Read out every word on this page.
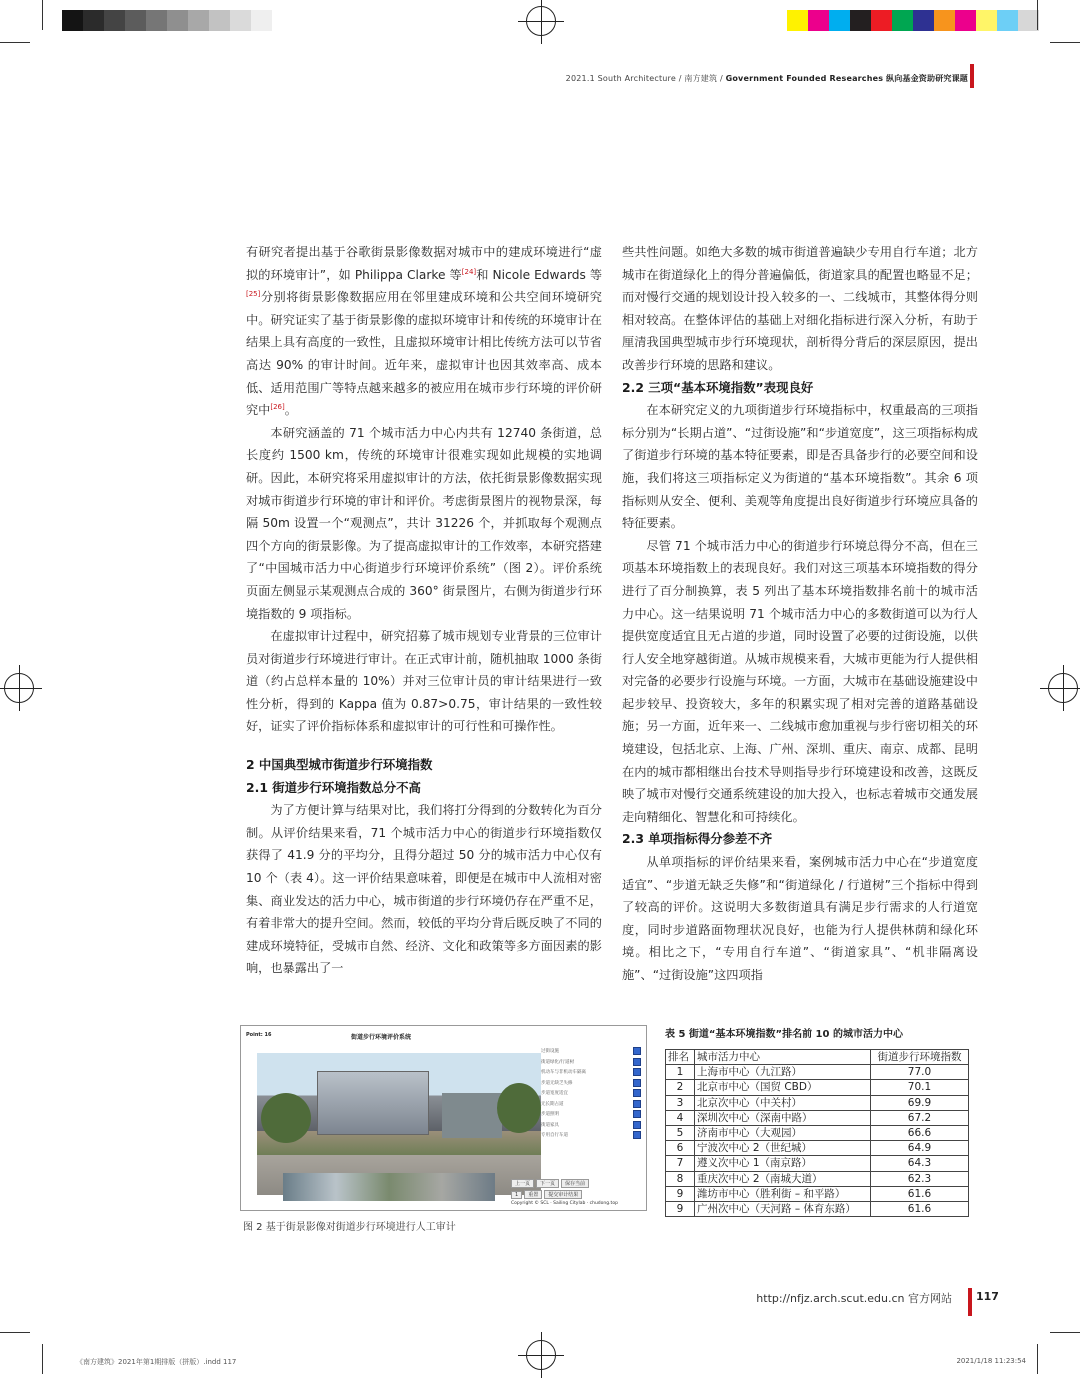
2021.1 South Architecture / 南方建筑 / Government Founded Researches 纵向基金资助研究课题

有研究者提出基于谷歌街景影像数据对城市中的建成环境进行“虚拟的环境审计”，如 Philippa Clarke 等[24]和 Nicole Edwards 等[25]分别将街景影像数据应用在邻里建成环境和公共空间环境研究中。研究证实了基于街景影像的虚拟环境审计和传统的环境审计在结果上具有高度的一致性，且虚拟环境审计相比传统方法可以节省高达 90% 的审计时间。近年来，虚拟审计也因其效率高、成本低、适用范围广等特点越来越多的被应用在城市步行环境的评价研究中[26]。

本研究涵盖的 71 个城市活力中心内共有 12740 条街道，总长度约 1500 km，传统的环境审计很难实现如此规模的实地调研。因此，本研究将采用虚拟审计的方法，依托街景影像数据实现对城市街道步行环境的审计和评价。考虑街景图片的视物景深，每隔 50m 设置一个“观测点”，共计 31226 个，并抓取每个观测点四个方向的街景影像。为了提高虚拟审计的工作效率，本研究搭建了“中国城市活力中心街道步行环境评价系统”（图 2）。评价系统页面左侧显示某观测点合成的 360° 街景图片，右侧为街道步行环境指数的 9 项指标。

在虚拟审计过程中，研究招募了城市规划专业背景的三位审计员对街道步行环境进行审计。在正式审计前，随机抽取 1000 条街道（约占总样本量的 10%）并对三位审计员的审计结果进行一致性分析，得到的 Kappa 值为 0.87>0.75，审计结果的一致性较好，证实了评价指标体系和虚拟审计的可行性和可操作性。

2 中国典型城市街道步行环境指数
2.1 街道步行环境指数总分不高

为了方便计算与结果对比，我们将打分得到的分数转化为百分制。从评价结果来看，71 个城市活力中心的街道步行环境指数仅获得了 41.9 分的平均分，且得分超过 50 分的城市活力中心仅有 10 个（表 4）。这一评价结果意味着，即便是在城市中人流相对密集、商业发达的活力中心，城市街道的步行环境仍存在严重不足，有着非常大的提升空间。然而，较低的平均分背后既反映了不同的建成环境特征，受城市自然、经济、文化和政策等多方面因素的影响，也暴露出了一

些共性问题。如绝大多数的城市街道普遍缺少专用自行车道；北方城市在街道绿化上的得分普遍偏低，街道家具的配置也略显不足；而对慢行交通的规划设计投入较多的一、二线城市，其整体得分则相对较高。在整体评估的基础上对细化指标进行深入分析，有助于厘清我国典型城市步行环境现状，剖析得分背后的深层原因，提出改善步行环境的思路和建议。

2.2 三项“基本环境指数”表现良好

在本研究定义的九项街道步行环境指标中，权重最高的三项指标分别为“长期占道”、“过街设施”和“步道宽度”，这三项指标构成了街道步行环境的基本特征要素，即是否具备步行的必要空间和设施，我们将这三项指标定义为街道的“基本环境指数”。其余 6 项指标则从安全、便利、美观等角度提出良好街道步行环境应具备的特征要素。

尽管 71 个城市活力中心的街道步行环境总得分不高，但在三项基本环境指数上的表现良好。我们对这三项基本环境指数的得分进行了百分制换算，表 5 列出了基本环境指数排名前十的城市活力中心。这一结果说明 71 个城市活力中心的多数街道可以为行人提供宽度适宜且无占道的步道，同时设置了必要的过街设施，以供行人安全地穿越街道。从城市规模来看，大城市更能为行人提供相对完备的必要步行设施与环境。一方面，大城市在基础设施建设中起步较早、投资较大，多年的积累实现了相对完善的道路基础设施；另一方面，近年来一、二线城市愈加重视与步行密切相关的环境建设，包括北京、上海、广州、深圳、重庆、南京、成都、昆明在内的城市都相继出台技术导则指导步行环境建设和改善，这既反映了城市对慢行交通系统建设的加大投入，也标志着城市交通发展走向精细化、智慧化和可持续化。

2.3 单项指标得分参差不齐

从单项指标的评价结果来看，案例城市活力中心在“步道宽度适宜”、“步道无缺乏失修”和“街道绿化 / 行道树”三个指标中得到了较高的评价。这说明大多数街道具有满足步行需求的人行道宽度，同时步道路面物理状况良好，也能为行人提供林荫和绿化环境。相比之下，“专用自行车道”、“街道家具”、“机非隔离设施”、“过街设施”这四项指

Point: 16	街道步行环境评价系统
过街设施
街道绿化/行道树
机动车与非机动车隔离
步道无缺乏失修
步道宽度适宜
无长期占道
步道照明
街道家具
专用自行车道
上一页 下一页 保存当前
1 重置 提交审计结果
Copyright © SCL · Sailing Citylab · chudong.top
图 2 基于街景影像对街道步行环境进行人工审计
表 5 街道“基本环境指数”排名前 10 的城市活力中心
排名	城市活力中心	街道步行环境指数
1	上海市中心（九江路）	77.0
2	北京市中心（国贸 CBD）	70.1
3	北京次中心（中关村）	69.9
4	深圳次中心（深南中路）	67.2
5	济南市中心（大观园）	66.6
6	宁波次中心 2（世纪城）	64.9
7	遵义次中心 1（南京路）	64.3
8	重庆次中心 2（南城大道）	62.3
9	潍坊市中心（胜利街 – 和平路）	61.6
9	广州次中心（天河路 – 体育东路）	61.6
http://nfjz.arch.scut.edu.cn 官方网站 117
《南方建筑》2021年第1期排版（拼版）.indd 117	2021/1/18 11:23:54
